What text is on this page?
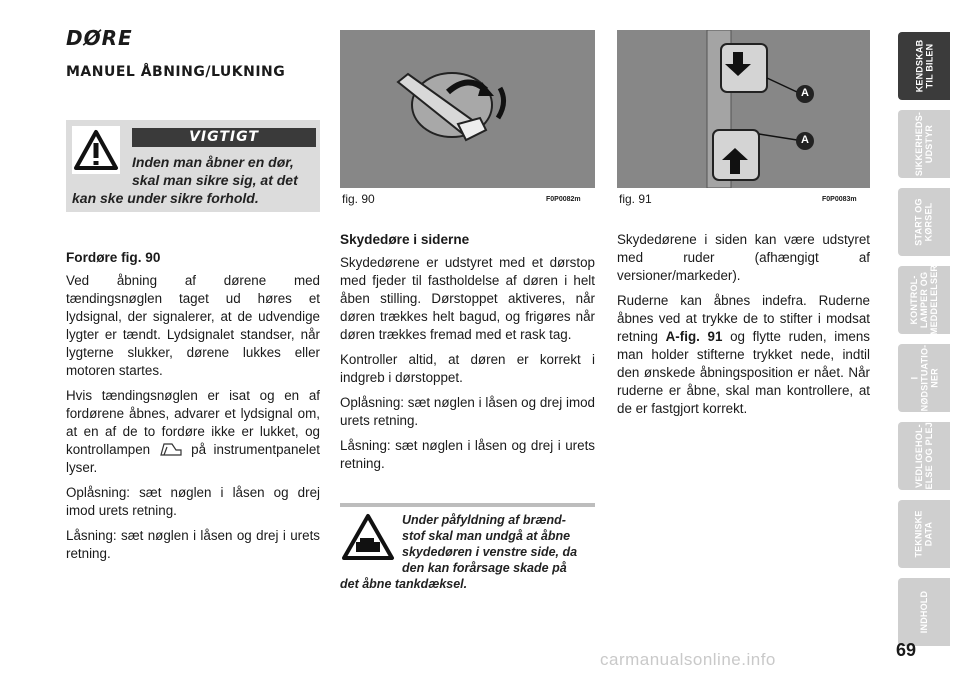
DØRE
MANUEL ÅBNING/LUKNING
VIGTIGT
Inden man åbner en dør,
skal man sikre sig, at det
kan ske under sikre forhold.
Fordøre fig. 90

Ved åbning af dørene med tændingsnøglen taget ud høres et lydsignal, der signalerer, at de udvendige lygter er tændt. Lydsignalet standser, når lygterne slukker, dørene lukkes eller motoren startes.

Hvis tændingsnøglen er isat og en af fordørene åbnes, advarer et lydsignal om, at en af de to fordøre ikke er lukket, og kontrollampen	på instrumentpanelet lyser.

Oplåsning: sæt nøglen i låsen og drej imod urets retning.

Låsning: sæt nøglen i låsen og drej i urets retning.

fig. 90	F0P0082m
A
A
fig. 91	F0P0083m
Skydedøre i siderne

Skydedørene er udstyret med et dørstop med fjeder til fastholdelse af døren i helt åben stilling. Dørstoppet aktiveres, når døren trækkes helt bagud, og frigøres når døren trækkes fremad med et rask tag.

Kontroller altid, at døren er korrekt i indgreb i dørstoppet.

Oplåsning: sæt nøglen i låsen og drej imod urets retning.

Låsning: sæt nøglen i låsen og drej i urets retning.

Skydedørene i siden kan være udstyret med ruder (afhængigt af versioner/markeder).

Ruderne kan åbnes indefra. Ruderne åbnes ved at trykke de to stifter i modsat retning A-fig. 91 og flytte ruden, imens man holder stifterne trykket nede, indtil den ønskede åbningsposition er nået. Når ruderne er åbne, skal man kontrollere, at de er fastgjort korrekt.

Under påfyldning af brænd-
stof skal man undgå at åbne
skydedøren i venstre side, da
den kan forårsage skade på
det åbne tankdæksel.
KENDSKAB
TIL BILEN
SIKKERHEDS-
UDSTYR
START OG
KØRSEL
KONTROL-
LAMPER OG
MEDDELELSER
I
NØDSITUATIO-
NER
VEDLIGEHOL-
DELSE OG PLEJE
TEKNISKE
DATA
INDHOLD
69
carmanualsonline.info
